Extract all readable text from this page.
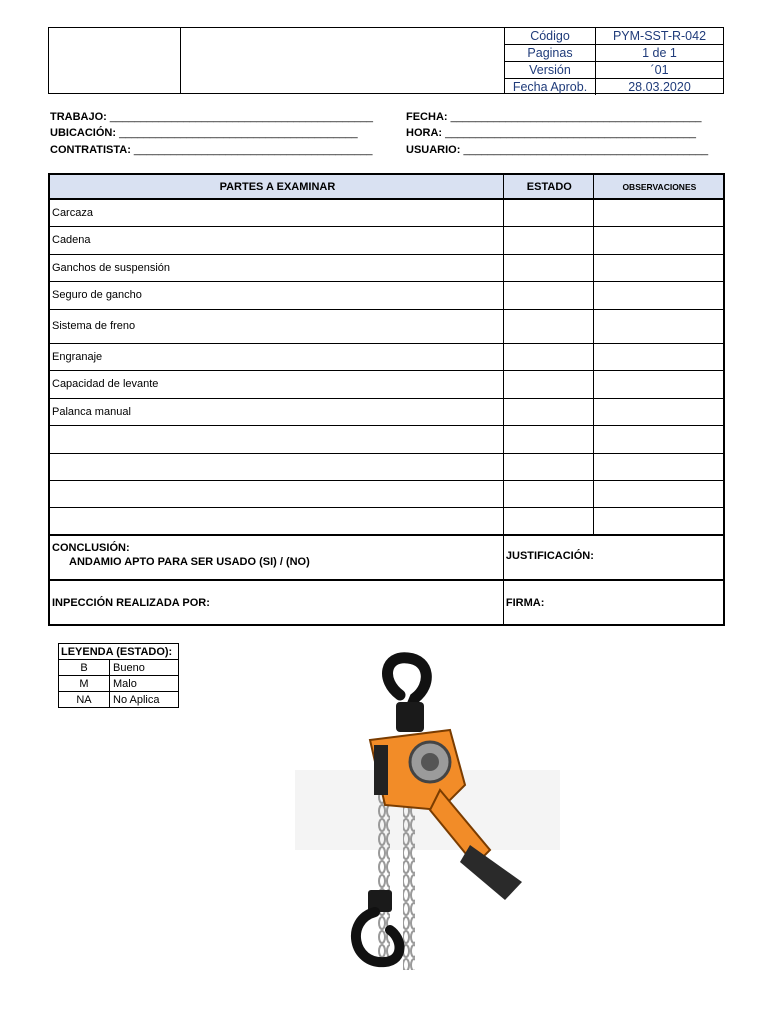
Código	PYM-SST-R-042
Paginas	1 de 1
Versión	´01
Fecha Aprob.	28.03.2020
TRABAJO: ___________________________________________
UBICACIÓN: _______________________________________
CONTRATISTA: _______________________________________
FECHA: _________________________________________
HORA: _________________________________________
USUARIO: ________________________________________
PARTES A EXAMINAR	ESTADO	OBSERVACIONES
Carcaza		
Cadena		
Ganchos de suspensión		
Seguro de gancho		
Sistema de freno		
Engranaje		
Capacidad de levante		
Palanca manual		

CONCLUSIÓN:
ANDAMIO APTO PARA SER USADO (SI) / (NO)	JUSTIFICACIÓN:	
INPECCIÓN REALIZADA POR:	FIRMA:	
LEYENDA (ESTADO):	
B	Bueno
M	Malo
NA	No Aplica
